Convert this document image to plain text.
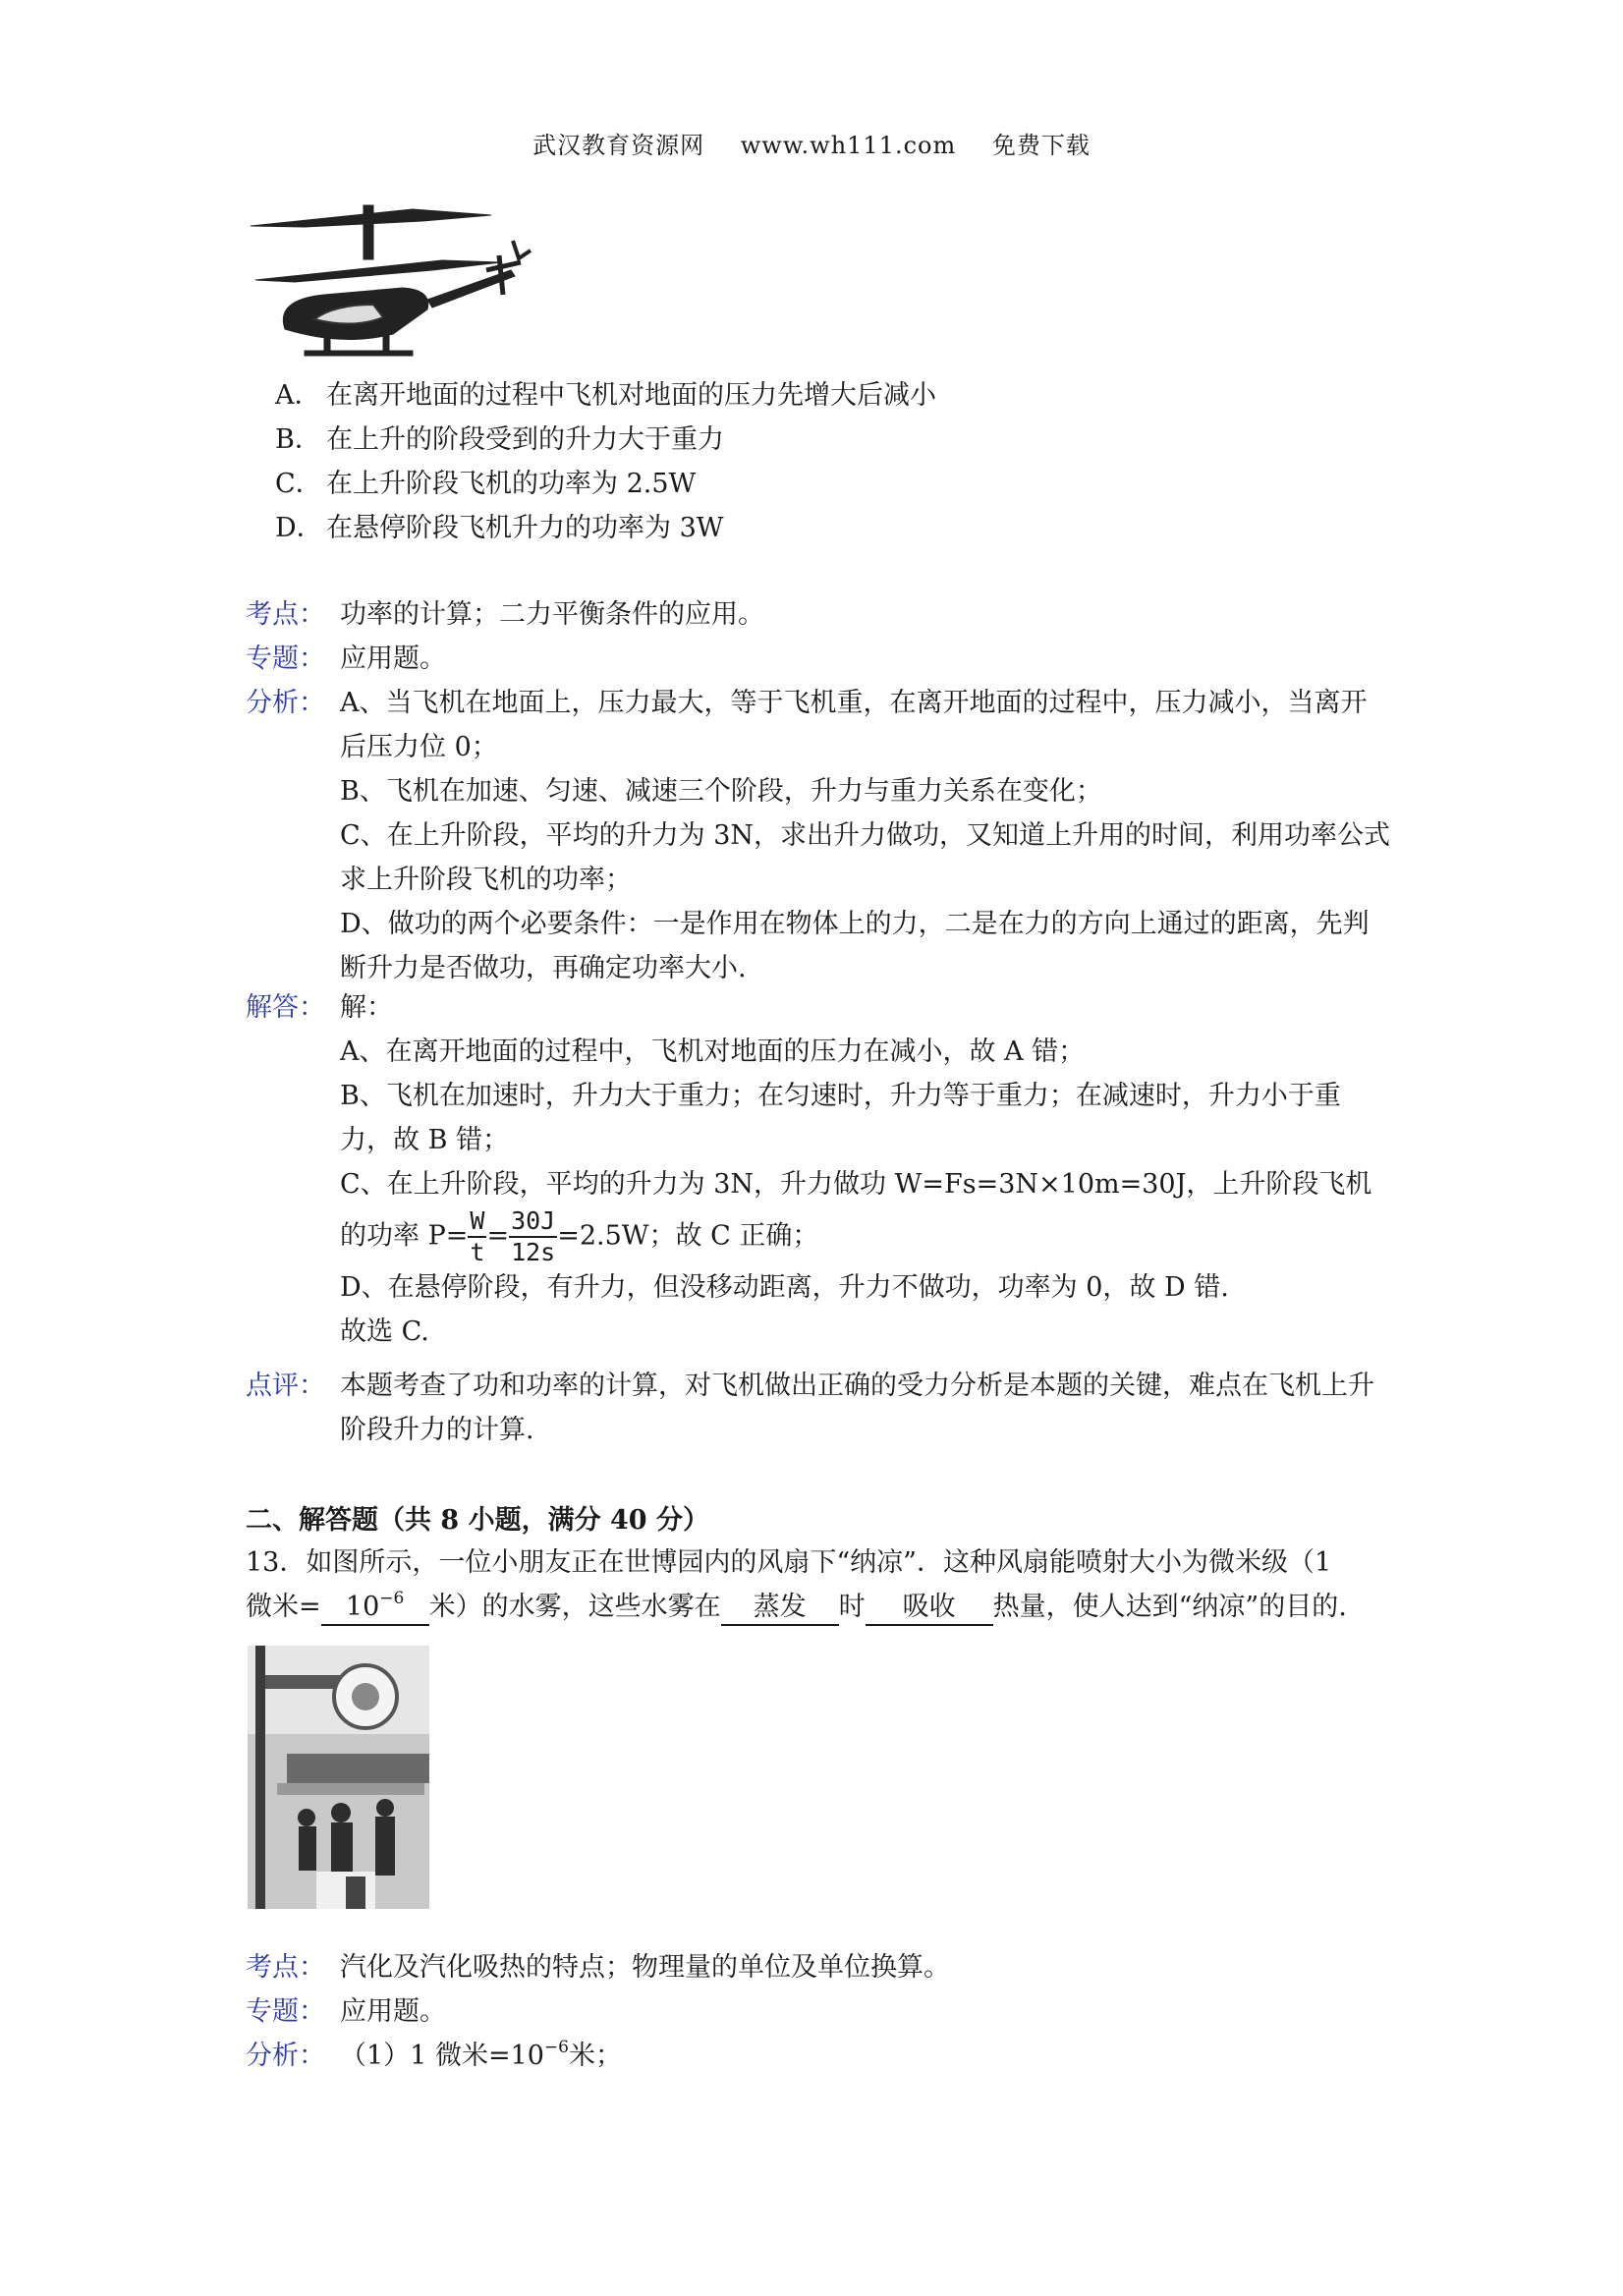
武汉教育资源网 www.wh111.com 免费下载
A． 在离开地面的过程中飞机对地面的压力先增大后减小
B． 在上升的阶段受到的升力大于重力
C． 在上升阶段飞机的功率为 2.5W
D． 在悬停阶段飞机升力的功率为 3W
考点： 功率的计算；二力平衡条件的应用。
专题： 应用题。
分析： A、当飞机在地面上，压力最大，等于飞机重，在离开地面的过程中，压力减小，当离开后压力位 0；
B、飞机在加速、匀速、减速三个阶段，升力与重力关系在变化；
C、在上升阶段，平均的升力为 3N，求出升力做功，又知道上升用的时间，利用功率公式求上升阶段飞机的功率；
D、做功的两个必要条件：一是作用在物体上的力，二是在力的方向上通过的距离，先判断升力是否做功，再确定功率大小.
解答： 解：
A、在离开地面的过程中，飞机对地面的压力在减小，故 A 错；
B、飞机在加速时，升力大于重力；在匀速时，升力等于重力；在减速时，升力小于重力，故 B 错；
C、在上升阶段，平均的升力为 3N，升力做功 W=Fs=3N×10m=30J，上升阶段飞机
的功率 $P= \frac{W}{t} = \frac{30J}{12s} =2.5W$；故 C 正确；
D、在悬停阶段，有升力，但没移动距离，升力不做功，功率为 0，故 D 错.
故选 C.
点评： 本题考查了功和功率的计算，对飞机做出正确的受力分析是本题的关键，难点在飞机上升阶段升力的计算.
二、解答题（共 8 小题，满分 40 分）
13．如图所示，一位小朋友正在世博园内的风扇下“纳凉”．这种风扇能喷射大小为微米级（1
微米= $10^{-6}$ 米）的水雾，这些水雾在 蒸发 时 吸收 热量，使人达到“纳凉”的目的.
考点： 汽化及汽化吸热的特点；物理量的单位及单位换算。
专题： 应用题。
分析： （1）1 微米$=10^{-6}$米；
